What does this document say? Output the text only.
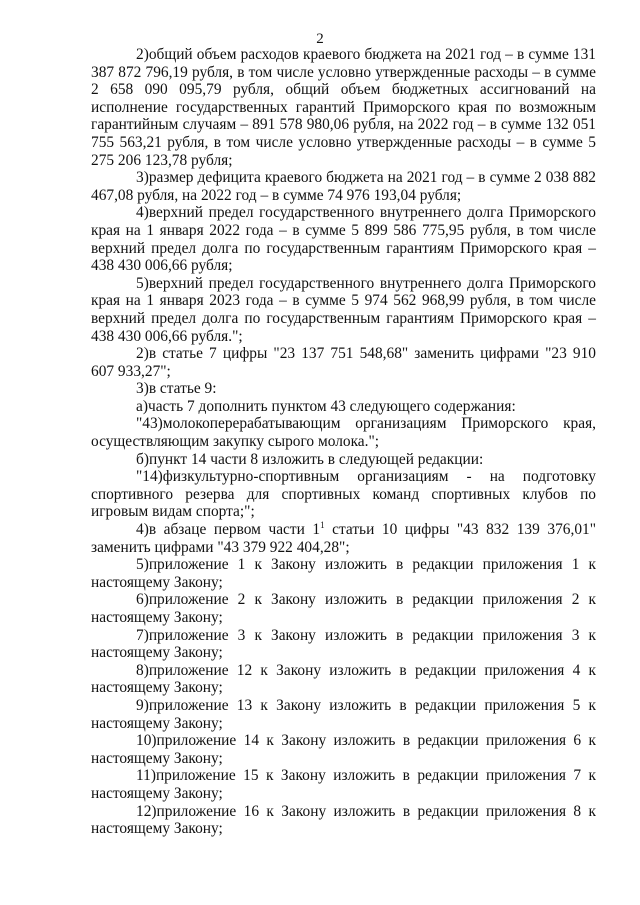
2

2)общий объем расходов краевого бюджета на 2021 год – в сумме 131 387 872 796,19 рубля, в том числе условно утвержденные расходы – в сумме 2 658 090 095,79 рубля, общий объем бюджетных ассигнований на исполнение государственных гарантий Приморского края по возможным гарантийным случаям – 891 578 980,06 рубля, на 2022 год – в сумме 132 051 755 563,21 рубля, в том числе условно утвержденные расходы – в сумме 5 275 206 123,78 рубля;

3)размер дефицита краевого бюджета на 2021 год – в сумме 2 038 882 467,08 рубля, на 2022 год – в сумме 74 976 193,04 рубля;

4)верхний предел государственного внутреннего долга Приморского края на 1 января 2022 года – в сумме 5 899 586 775,95 рубля, в том числе верхний предел долга по государственным гарантиям Приморского края – 438 430 006,66 рубля;

5)верхний предел государственного внутреннего долга Приморского края на 1 января 2023 года – в сумме 5 974 562 968,99 рубля, в том числе верхний предел долга по государственным гарантиям Приморского края – 438 430 006,66 рубля.";

2)в статье 7 цифры "23 137 751 548,68" заменить цифрами "23 910 607 933,27";

3)в статье 9:

а)часть 7 дополнить пунктом 43 следующего содержания:

"43)молокоперерабатывающим организациям Приморского края, осуществляющим закупку сырого молока.";

б)пункт 14 части 8 изложить в следующей редакции:

"14)физкультурно-спортивным организациям - на подготовку спортивного резерва для спортивных команд спортивных клубов по игровым видам спорта;";

4)в абзаце первом части $1^1$ статьи 10 цифры "43 832 139 376,01" заменить цифрами "43 379 922 404,28";

5)приложение 1 к Закону изложить в редакции приложения 1 к настоящему Закону;

6)приложение 2 к Закону изложить в редакции приложения 2 к настоящему Закону;

7)приложение 3 к Закону изложить в редакции приложения 3 к настоящему Закону;

8)приложение 12 к Закону изложить в редакции приложения 4 к настоящему Закону;

9)приложение 13 к Закону изложить в редакции приложения 5 к настоящему Закону;

10)приложение 14 к Закону изложить в редакции приложения 6 к настоящему Закону;

11)приложение 15 к Закону изложить в редакции приложения 7 к настоящему Закону;

12)приложение 16 к Закону изложить в редакции приложения 8 к настоящему Закону;
